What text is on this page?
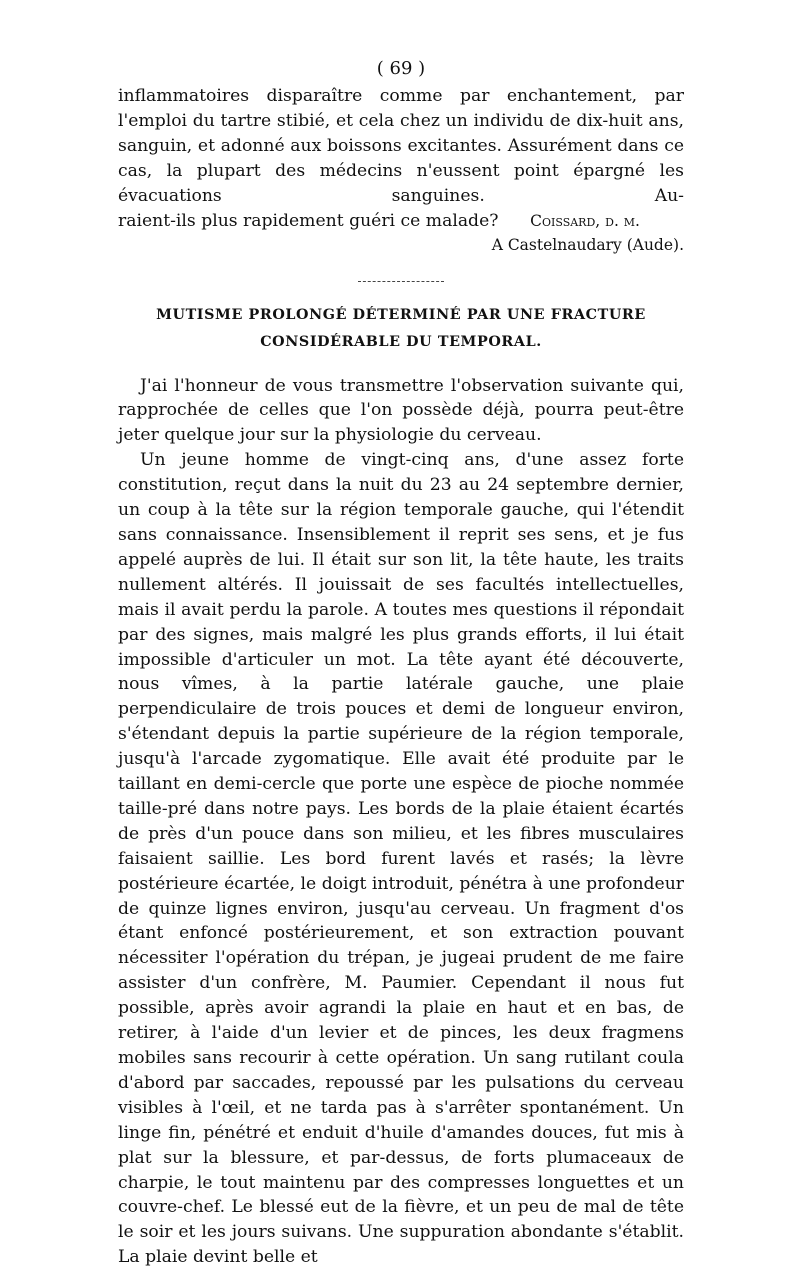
( 69 )

inflammatoires disparaître comme par enchantement, par l'emploi du tartre stibié, et cela chez un individu de dix-huit ans, sanguin, et adonné aux boissons excitantes. Assurément dans ce cas, la plupart des médecins n'eussent point épargné les évacuations sanguines. Au-

raient-ils plus rapidement guéri ce malade? Coissard, d. m.

A Castelnaudary (Aude).

MUTISME PROLONGÉ DÉTERMINÉ PAR UNE FRACTURE CONSIDÉRABLE DU TEMPORAL.

J'ai l'honneur de vous transmettre l'observation suivante qui, rapprochée de celles que l'on possède déjà, pourra peut-être jeter quelque jour sur la physiologie du cerveau.

Un jeune homme de vingt-cinq ans, d'une assez forte constitution, reçut dans la nuit du 23 au 24 septembre dernier, un coup à la tête sur la région temporale gauche, qui l'étendit sans connaissance. Insensiblement il reprit ses sens, et je fus appelé auprès de lui. Il était sur son lit, la tête haute, les traits nullement altérés. Il jouissait de ses facultés intellectuelles, mais il avait perdu la parole. A toutes mes questions il répondait par des signes, mais malgré les plus grands efforts, il lui était impossible d'articuler un mot. La tête ayant été découverte, nous vîmes, à la partie latérale gauche, une plaie perpendiculaire de trois pouces et demi de longueur environ, s'étendant depuis la partie supérieure de la région temporale, jusqu'à l'arcade zygomatique. Elle avait été produite par le taillant en demi-cercle que porte une espèce de pioche nommée taille-pré dans notre pays. Les bords de la plaie étaient écartés de près d'un pouce dans son milieu, et les fibres musculaires faisaient saillie. Les bord furent lavés et rasés; la lèvre postérieure écartée, le doigt introduit, pénétra à une profondeur de quinze lignes environ, jusqu'au cerveau. Un fragment d'os étant enfoncé postérieurement, et son extraction pouvant nécessiter l'opération du trépan, je jugeai prudent de me faire assister d'un confrère, M. Paumier. Cependant il nous fut possible, après avoir agrandi la plaie en haut et en bas, de retirer, à l'aide d'un levier et de pinces, les deux fragmens mobiles sans recourir à cette opération. Un sang rutilant coula d'abord par saccades, repoussé par les pulsations du cerveau visibles à l'œil, et ne tarda pas à s'arrêter spontanément. Un linge fin, pénétré et enduit d'huile d'amandes douces, fut mis à plat sur la blessure, et par-dessus, de forts plumaceaux de charpie, le tout maintenu par des compresses longuettes et un couvre-chef. Le blessé eut de la fièvre, et un peu de mal de tête le soir et les jours suivans. Une suppuration abondante s'établit. La plaie devint belle et
